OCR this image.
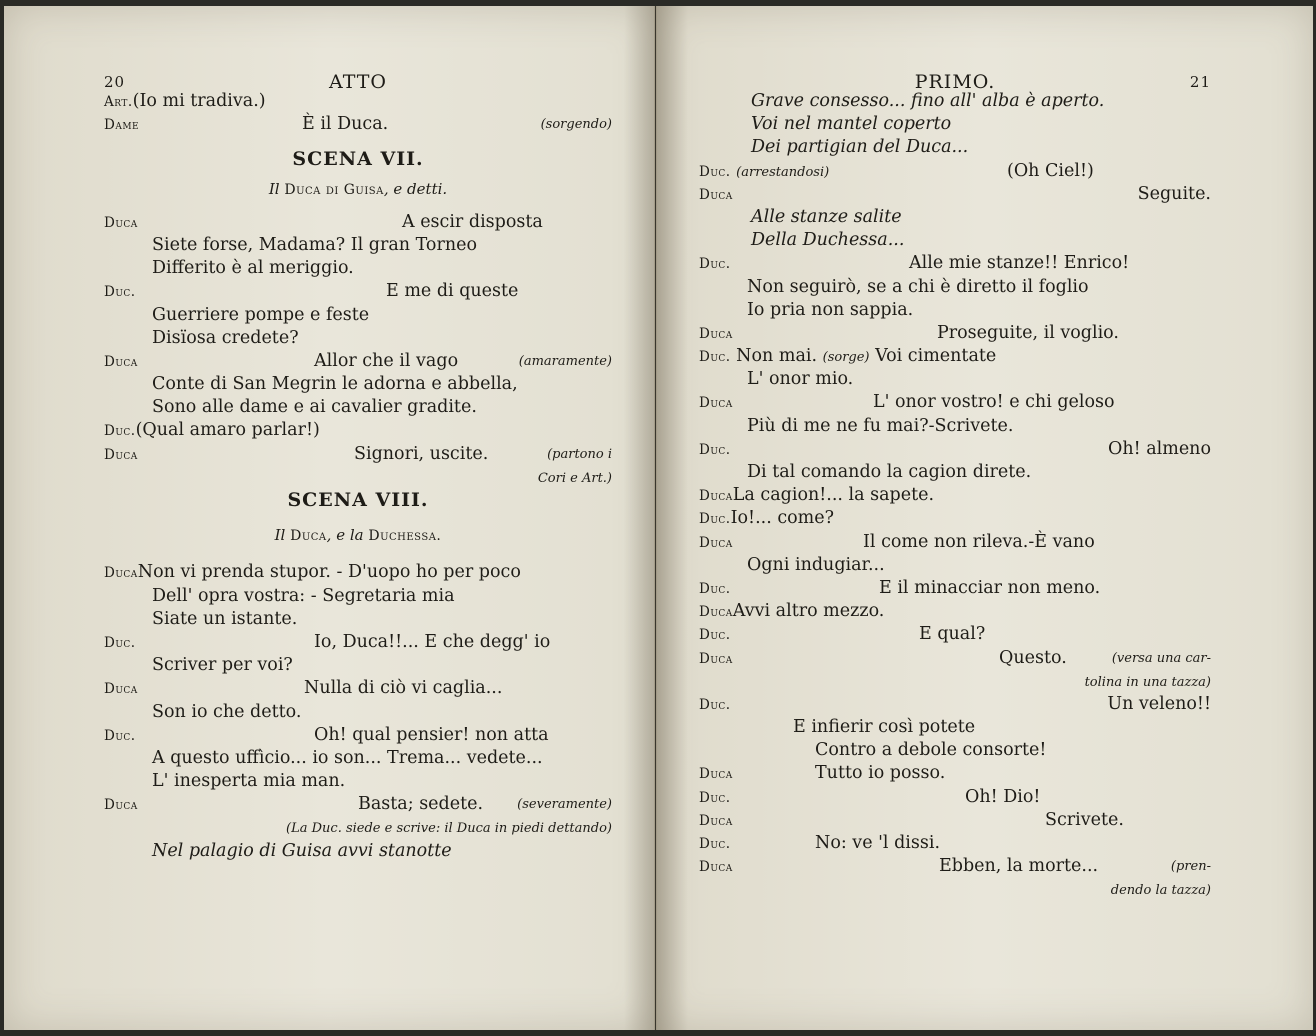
20	ATTO
Art.(Io mi tradiva.)
Dame	È il Duca.	(sorgendo)
SCENA VII.
Il Duca di Guisa, e detti.
Duca	A escir disposta
Siete forse, Madama? Il gran Torneo
Differito è al meriggio.
Duc.	E me di queste
Guerriere pompe e feste
Disïosa credete?
Duca	Allor che il vago	(amaramente)
Conte di San Megrin le adorna e abbella,
Sono alle dame e ai cavalier gradite.
Duc.(Qual amaro parlar!)
Duca	Signori, uscite.	(partono i
Cori e Art.)
SCENA VIII.
Il Duca, e la Duchessa.
DucaNon vi prenda stupor. - D'uopo ho per poco
Dell' opra vostra: - Segretaria mia
Siate un istante.
Duc.	Io, Duca!!... E che degg' io
Scriver per voi?
Duca	Nulla di ciò vi caglia...
Son io che detto.
Duc.	Oh! qual pensier! non atta
A questo uffìcio... io son... Trema... vedete...
L' inesperta mia man.
Duca	Basta; sedete.	(severamente)
(La Duc. siede e scrive: il Duca in piedi dettando)
Nel palagio di Guisa avvi stanotte
PRIMO.	21
Grave consesso... fino all' alba è aperto.
Voi nel mantel coperto
Dei partigian del Duca...
Duc. (arrestandosi)	(Oh Ciel!)
Duca	Seguite.
Alle stanze salite
Della Duchessa...
Duc.	Alle mie stanze!! Enrico!
Non seguirò, se a chi è diretto il foglio
Io pria non sappia.
Duca	Proseguite, il voglio.
Duc. Non mai. (sorge) Voi cimentate
L' onor mio.
Duca	L' onor vostro! e chi geloso
Più di me ne fu mai?-Scrivete.
Duc.	Oh! almeno
Di tal comando la cagion direte.
DucaLa cagion!... la sapete.
Duc.Io!... come?
Duca	Il come non rileva.-È vano
Ogni indugiar...
Duc.	E il minacciar non meno.
DucaAvvi altro mezzo.
Duc.	E qual?
Duca	Questo.	(versa una car-
tolina in una tazza)
Duc.	Un veleno!!
E infierir così potete
Contro a debole consorte!
Duca	Tutto io posso.
Duc.	Oh! Dio!
Duca	Scrivete.
Duc.	No: ve 'l dissi.
Duca	Ebben, la morte...	(pren-
dendo la tazza)
